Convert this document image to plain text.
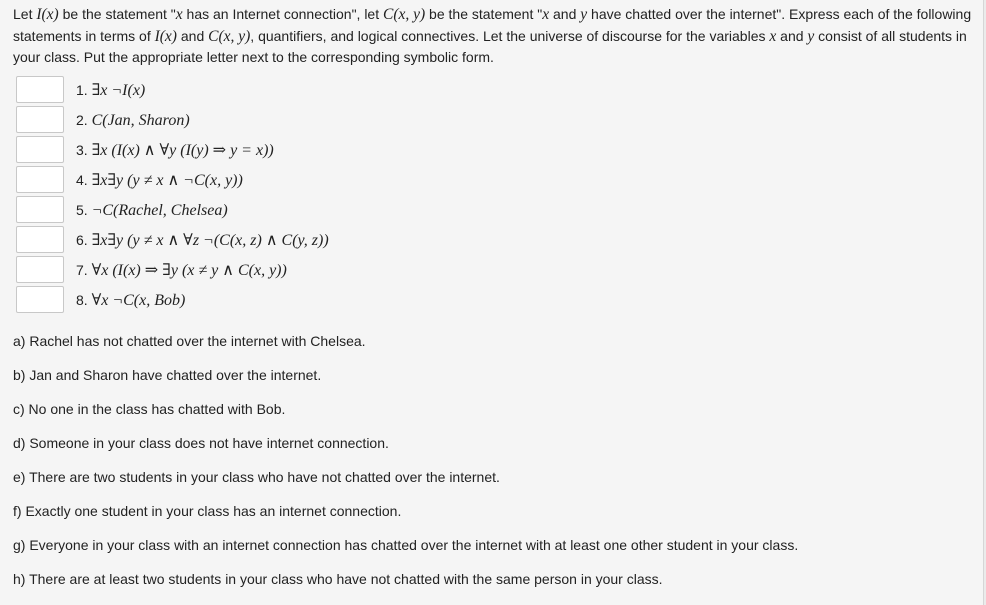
Let I(x) be the statement "x has an Internet connection", let C(x, y) be the statement "x and y have chatted over the internet". Express each of the following statements in terms of I(x) and C(x, y), quantifiers, and logical connectives. Let the universe of discourse for the variables x and y consist of all students in your class. Put the appropriate letter next to the corresponding symbolic form.

1. ∃x ¬I(x)
2. C(Jan, Sharon)
3. ∃x (I(x) ∧ ∀y (I(y) ⇒ y = x))
4. ∃x∃y (y ≠ x ∧ ¬C(x, y))
5. ¬C(Rachel, Chelsea)
6. ∃x∃y (y ≠ x ∧ ∀z ¬(C(x, z) ∧ C(y, z))
7. ∀x (I(x) ⇒ ∃y (x ≠ y ∧ C(x, y))
8. ∀x ¬C(x, Bob)
a) Rachel has not chatted over the internet with Chelsea.
b) Jan and Sharon have chatted over the internet.
c) No one in the class has chatted with Bob.
d) Someone in your class does not have internet connection.
e) There are two students in your class who have not chatted over the internet.
f) Exactly one student in your class has an internet connection.
g) Everyone in your class with an internet connection has chatted over the internet with at least one other student in your class.
h) There are at least two students in your class who have not chatted with the same person in your class.
